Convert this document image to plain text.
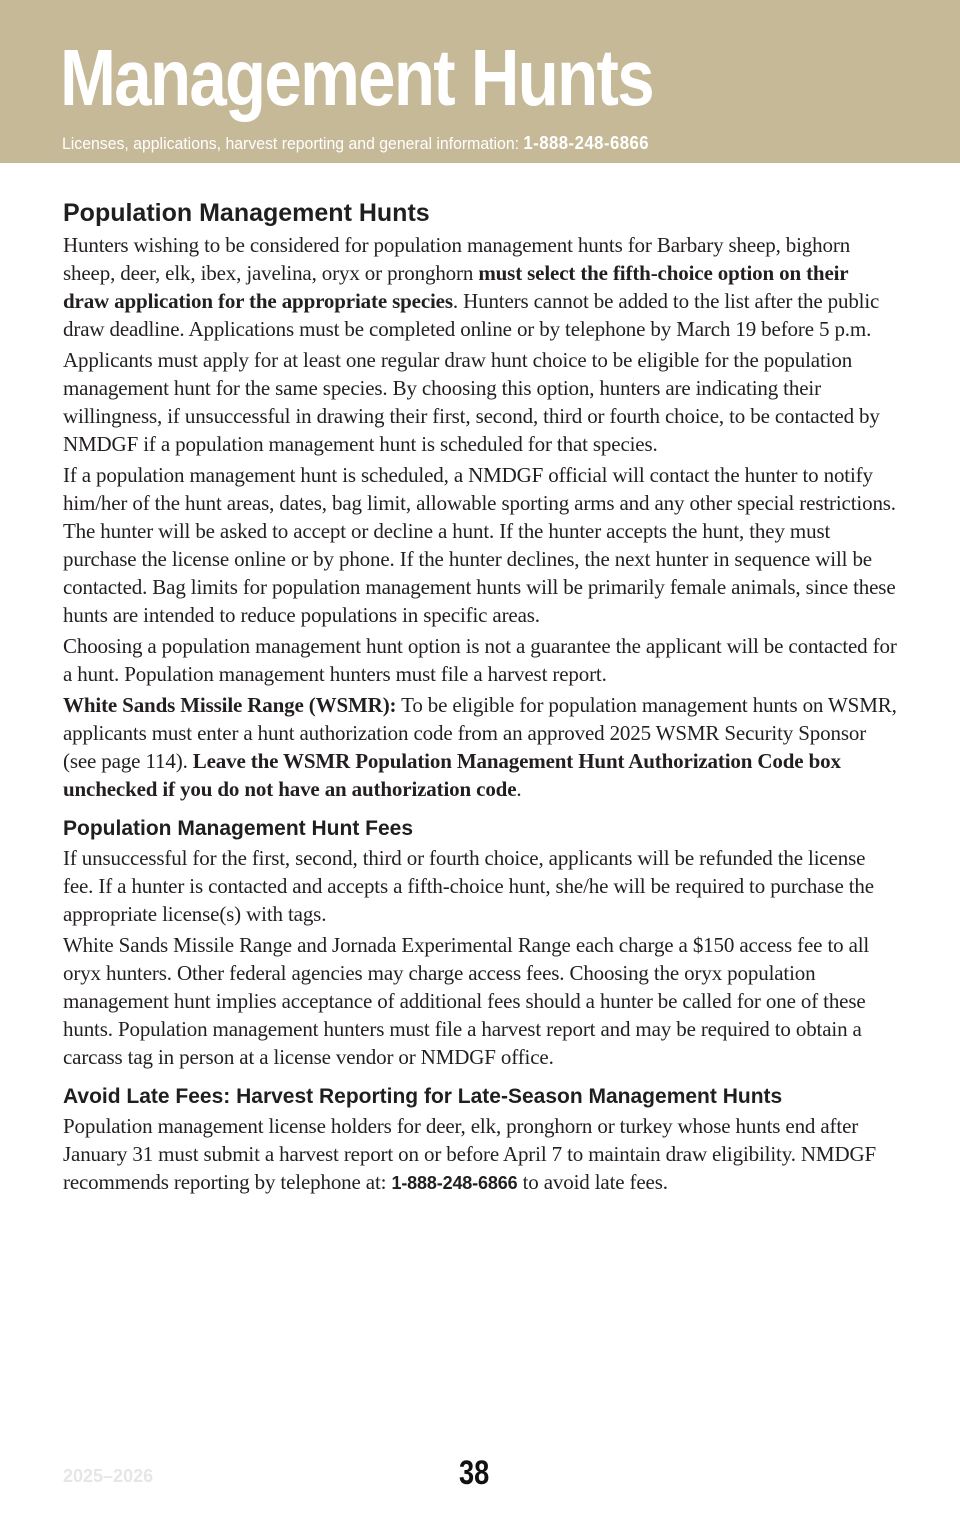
Management Hunts
Licenses, applications, harvest reporting and general information: 1-888-248-6866
Population Management Hunts

Hunters wishing to be considered for population management hunts for Barbary sheep, bighorn sheep, deer, elk, ibex, javelina, oryx or pronghorn must select the fifth-choice option on their draw application for the appropriate species. Hunters cannot be added to the list after the public draw deadline. Applications must be completed online or by telephone by March 19 before 5 p.m.

Applicants must apply for at least one regular draw hunt choice to be eligible for the population management hunt for the same species. By choosing this option, hunters are indicating their willingness, if unsuccessful in drawing their first, second, third or fourth choice, to be contacted by NMDGF if a population management hunt is scheduled for that species.

If a population management hunt is scheduled, a NMDGF official will contact the hunter to notify him/her of the hunt areas, dates, bag limit, allowable sporting arms and any other special restrictions. The hunter will be asked to accept or decline a hunt. If the hunter accepts the hunt, they must purchase the license online or by phone. If the hunter declines, the next hunter in sequence will be contacted. Bag limits for population management hunts will be primarily female animals, since these hunts are intended to reduce populations in specific areas.

Choosing a population management hunt option is not a guarantee the applicant will be contacted for a hunt. Population management hunters must file a harvest report.

White Sands Missile Range (WSMR): To be eligible for population management hunts on WSMR, applicants must enter a hunt authorization code from an approved 2025 WSMR Security Sponsor (see page 114). Leave the WSMR Population Management Hunt Authorization Code box unchecked if you do not have an authorization code.

Population Management Hunt Fees

If unsuccessful for the first, second, third or fourth choice, applicants will be refunded the license fee. If a hunter is contacted and accepts a fifth-choice hunt, she/he will be required to purchase the appropriate license(s) with tags.

White Sands Missile Range and Jornada Experimental Range each charge a $150 access fee to all oryx hunters. Other federal agencies may charge access fees. Choosing the oryx population management hunt implies acceptance of additional fees should a hunter be called for one of these hunts. Population management hunters must file a harvest report and may be required to obtain a carcass tag in person at a license vendor or NMDGF office.

Avoid Late Fees: Harvest Reporting for Late-Season Management Hunts

Population management license holders for deer, elk, pronghorn or turkey whose hunts end after January 31 must submit a harvest report on or before April 7 to maintain draw eligibility. NMDGF recommends reporting by telephone at: 1-888-248-6866 to avoid late fees.

2025–2026	38
